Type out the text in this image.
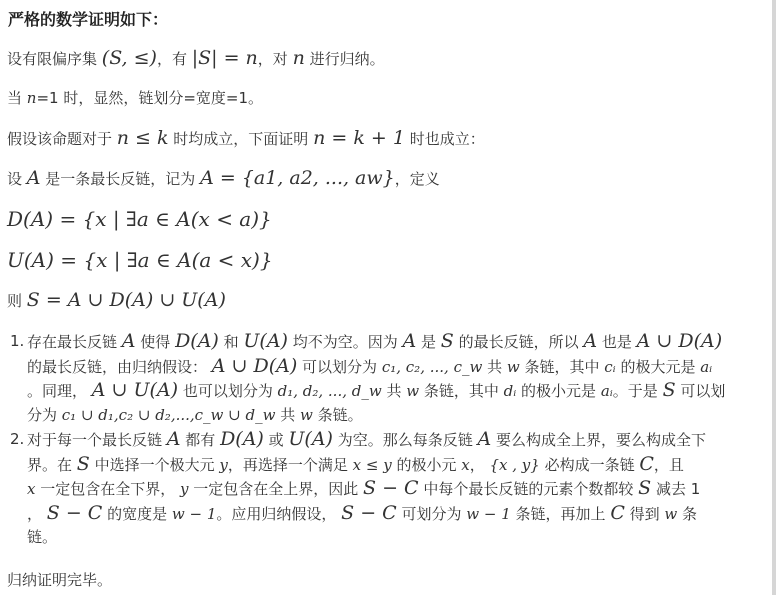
严格的数学证明如下：
设有限偏序集 (S, ≤)，有 |S| = n，对 n 进行归纳。
当 n=1 时，显然，链划分=宽度=1。
假设该命题对于 n ≤ k 时均成立，下面证明 n = k + 1 时也成立：
设 A 是一条最长反链，记为 A = {a1, a2, ..., aw}，定义
D(A) = {x | ∃a ∈ A(x < a)}
U(A) = {x | ∃a ∈ A(a < x)}
则 S = A ∪ D(A) ∪ U(A)
1. 存在最长反链 A 使得 D(A) 和 U(A) 均不为空。因为 A 是 S 的最长反链，所以 A 也是 A ∪ D(A)
的最长反链，由归纳假设： A ∪ D(A) 可以划分为 c₁, c₂, ..., c_w 共 w 条链，其中 cᵢ 的极大元是 aᵢ
。同理， A ∪ U(A) 也可以划分为 d₁, d₂, ..., d_w 共 w 条链，其中 dᵢ 的极小元是 aᵢ。于是 S 可以划
分为 c₁ ∪ d₁,c₂ ∪ d₂,...,c_w ∪ d_w 共 w 条链。
2. 对于每一个最长反链 A 都有 D(A) 或 U(A) 为空。那么每条反链 A 要么构成全上界，要么构成全下
界。在 S 中选择一个极大元 y，再选择一个满足 x ≤ y 的极小元 x， {x , y} 必构成一条链 C，且
x 一定包含在全下界， y 一定包含在全上界，因此 S − C 中每个最长反链的元素个数都较 S 减去 1
， S − C 的宽度是 w − 1。应用归纳假设， S − C 可划分为 w − 1 条链，再加上 C 得到 w 条
链。
归纳证明完毕。
